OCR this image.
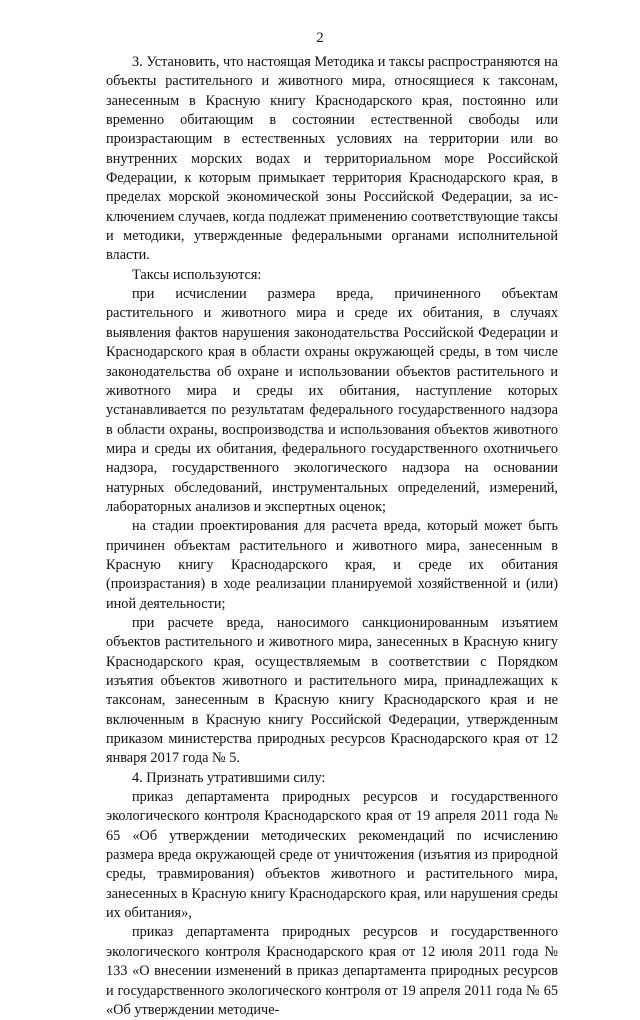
2

3. Установить, что настоящая Методика и таксы распространяются на объекты растительного и животного мира, относящиеся к таксонам, занесенным в Красную книгу Краснодарского края, постоянно или временно обитающим в состоянии естественной свободы или произрастающим в естественных условиях на территории или во внутренних морских водах и территориальном море Российской Федерации, к которым примыкает территория Краснодарского края, в пределах морской экономической зоны Российской Федерации, за исключением случаев, когда подлежат применению соответствующие таксы и методики, утвержденные федеральными органами исполнительной власти.

Таксы используются:

при исчислении размера вреда, причиненного объектам растительного и животного мира и среде их обитания, в случаях выявления фактов нарушения законодательства Российской Федерации и Краснодарского края в области охраны окружающей среды, в том числе законодательства об охране и использовании объектов растительного и животного мира и среды их обитания, наступление которых устанавливается по результатам федерального государственного надзора в области охраны, воспроизводства и использования объектов животного мира и среды их обитания, федерального государственного охотничьего надзора, государственного экологического надзора на основании натурных обследований, инструментальных определений, измерений, лабораторных анализов и экспертных оценок;

на стадии проектирования для расчета вреда, который может быть причинен объектам растительного и животного мира, занесенным в Красную книгу Краснодарского края, и среде их обитания (произрастания) в ходе реализации планируемой хозяйственной и (или) иной деятельности;

при расчете вреда, наносимого санкционированным изъятием объектов растительного и животного мира, занесенных в Красную книгу Краснодарского края, осуществляемым в соответствии с Порядком изъятия объектов животного и растительного мира, принадлежащих к таксонам, занесенным в Красную книгу Краснодарского края и не включенным в Красную книгу Российской Федерации, утвержденным приказом министерства природных ресурсов Краснодарского края от 12 января 2017 года № 5.

4. Признать утратившими силу:

приказ департамента природных ресурсов и государственного экологического контроля Краснодарского края от 19 апреля 2011 года № 65 «Об утверждении методических рекомендаций по исчислению размера вреда окружающей среде от уничтожения (изъятия из природной среды, травмирования) объектов животного и растительного мира, занесенных в Красную книгу Краснодарского края, или нарушения среды их обитания»,

приказ департамента природных ресурсов и государственного экологического контроля Краснодарского края от 12 июля 2011 года № 133 «О внесении изменений в приказ департамента природных ресурсов и государственного экологического контроля от 19 апреля 2011 года № 65 «Об утверждении методиче-
